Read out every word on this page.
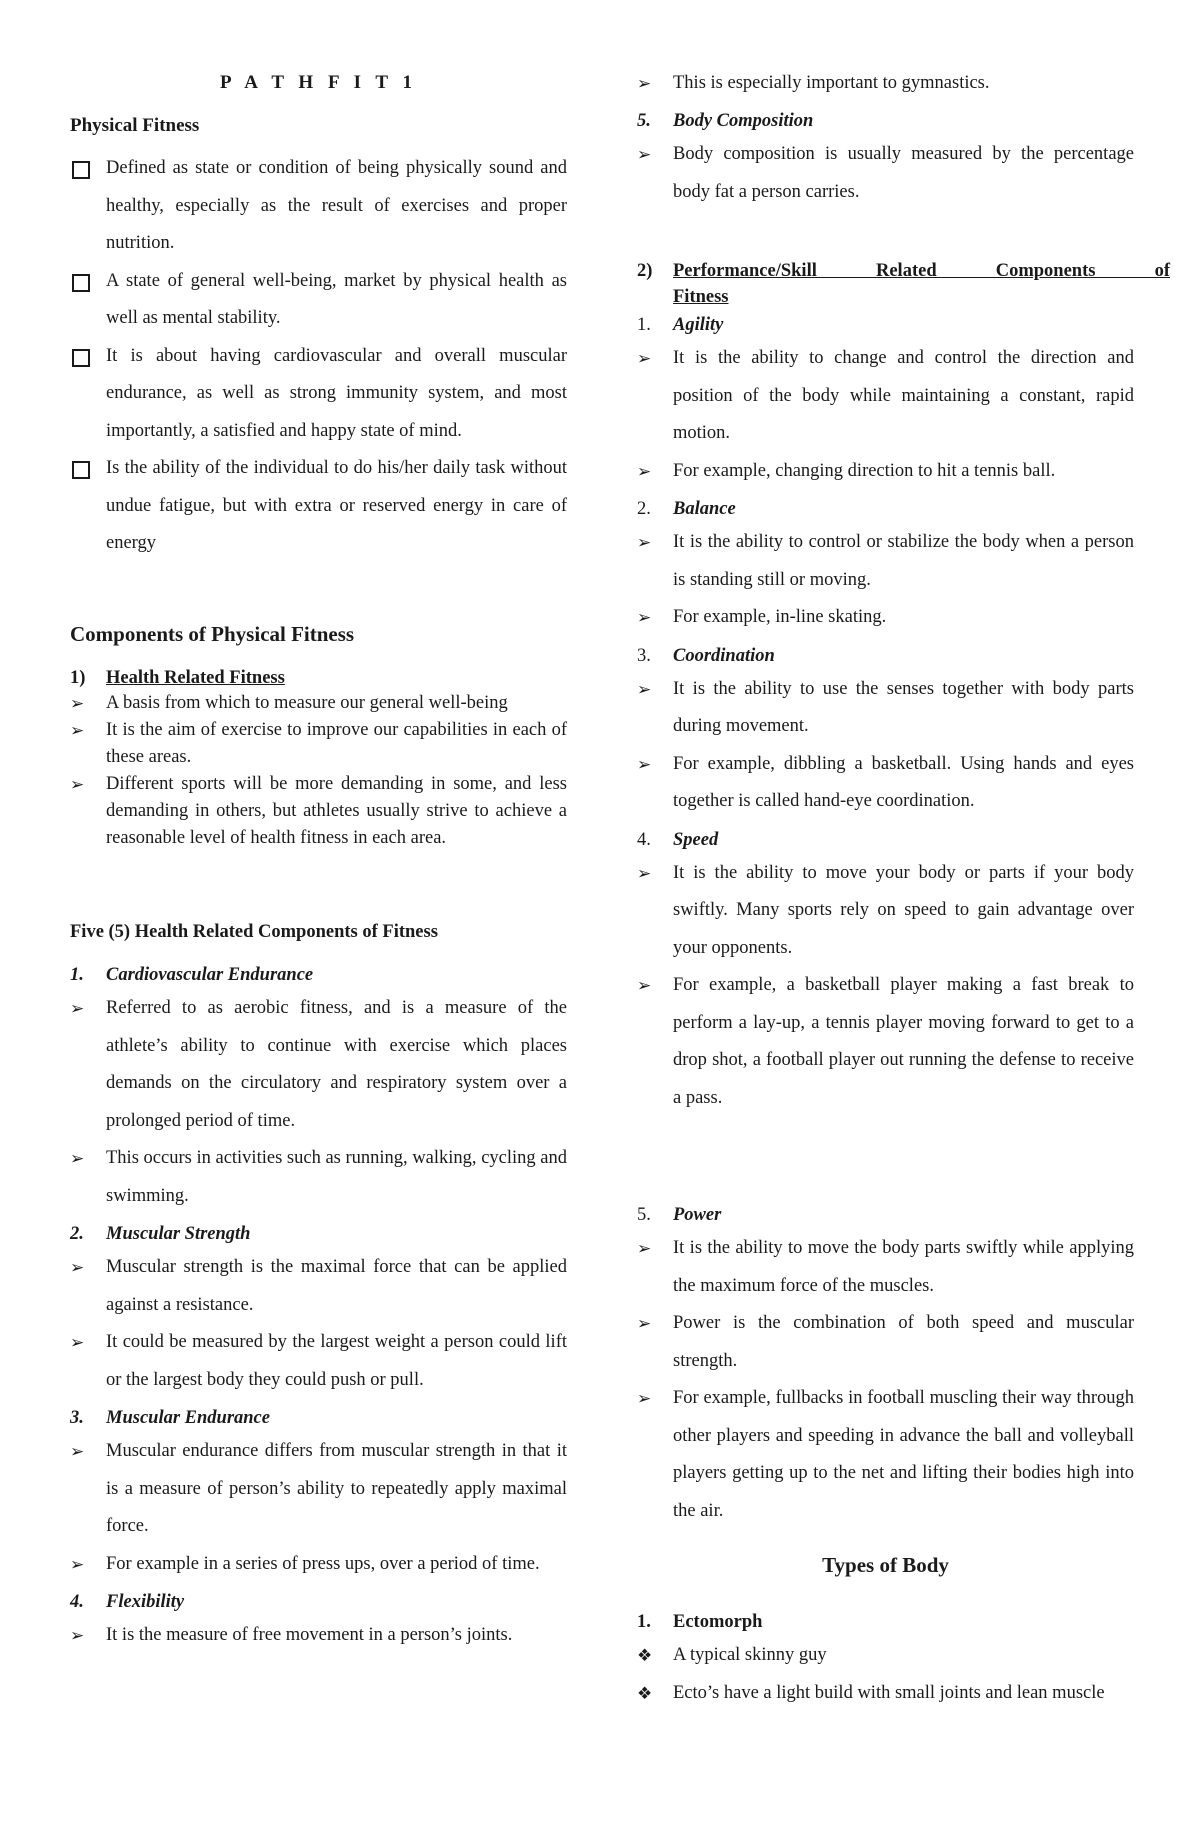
P A T H F I T 1
Physical Fitness
Defined as state or condition of being physically sound and healthy, especially as the result of exercises and proper nutrition.
A state of general well-being, market by physical health as well as mental stability.
It is about having cardiovascular and overall muscular endurance, as well as strong immunity system, and most importantly, a satisfied and happy state of mind.
Is the ability of the individual to do his/her daily task without undue fatigue, but with extra or reserved energy in care of energy
Components of Physical Fitness
1)	Health Related Fitness
➢	A basis from which to measure our general well-being
➢	It is the aim of exercise to improve our capabilities in each of these areas.
➢	Different sports will be more demanding in some, and less demanding in others, but athletes usually strive to achieve a reasonable level of health fitness in each area.
Five (5) Health Related Components of Fitness
1.	Cardiovascular Endurance
➢	Referred to as aerobic fitness, and is a measure of the athlete’s ability to continue with exercise which places demands on the circulatory and respiratory system over a prolonged period of time.
➢	This occurs in activities such as running, walking, cycling and swimming.
2.	Muscular Strength
➢	Muscular strength is the maximal force that can be applied against a resistance.
➢	It could be measured by the largest weight a person could lift or the largest body they could push or pull.
3.	Muscular Endurance
➢	Muscular endurance differs from muscular strength in that it is a measure of person’s ability to repeatedly apply maximal force.
➢	For example in a series of press ups, over a period of time.
4.	Flexibility
➢	It is the measure of free movement in a person’s joints.
➢	This is especially important to gymnastics.
5.	Body Composition
➢	Body composition is usually measured by the percentage body fat a person carries.
2)	Performance/Skill Related Components of
Fitness
1.	Agility
➢	It is the ability to change and control the direction and position of the body while maintaining a constant, rapid motion.
➢	For example, changing direction to hit a tennis ball.
2.	Balance
➢	It is the ability to control or stabilize the body when a person is standing still or moving.
➢	For example, in-line skating.
3.	Coordination
➢	It is the ability to use the senses together with body parts during movement.
➢	For example, dibbling a basketball. Using hands and eyes together is called hand-eye coordination.
4.	Speed
➢	It is the ability to move your body or parts if your body swiftly. Many sports rely on speed to gain advantage over your opponents.
➢	For example, a basketball player making a fast break to perform a lay-up, a tennis player moving forward to get to a drop shot, a football player out running the defense to receive a pass.
5.	Power
➢	It is the ability to move the body parts swiftly while applying the maximum force of the muscles.
➢	Power is the combination of both speed and muscular strength.
➢	For example, fullbacks in football muscling their way through other players and speeding in advance the ball and volleyball players getting up to the net and lifting their bodies high into the air.
Types of Body
1.	Ectomorph
❖	A typical skinny guy
❖	Ecto’s have a light build with small joints and lean muscle
